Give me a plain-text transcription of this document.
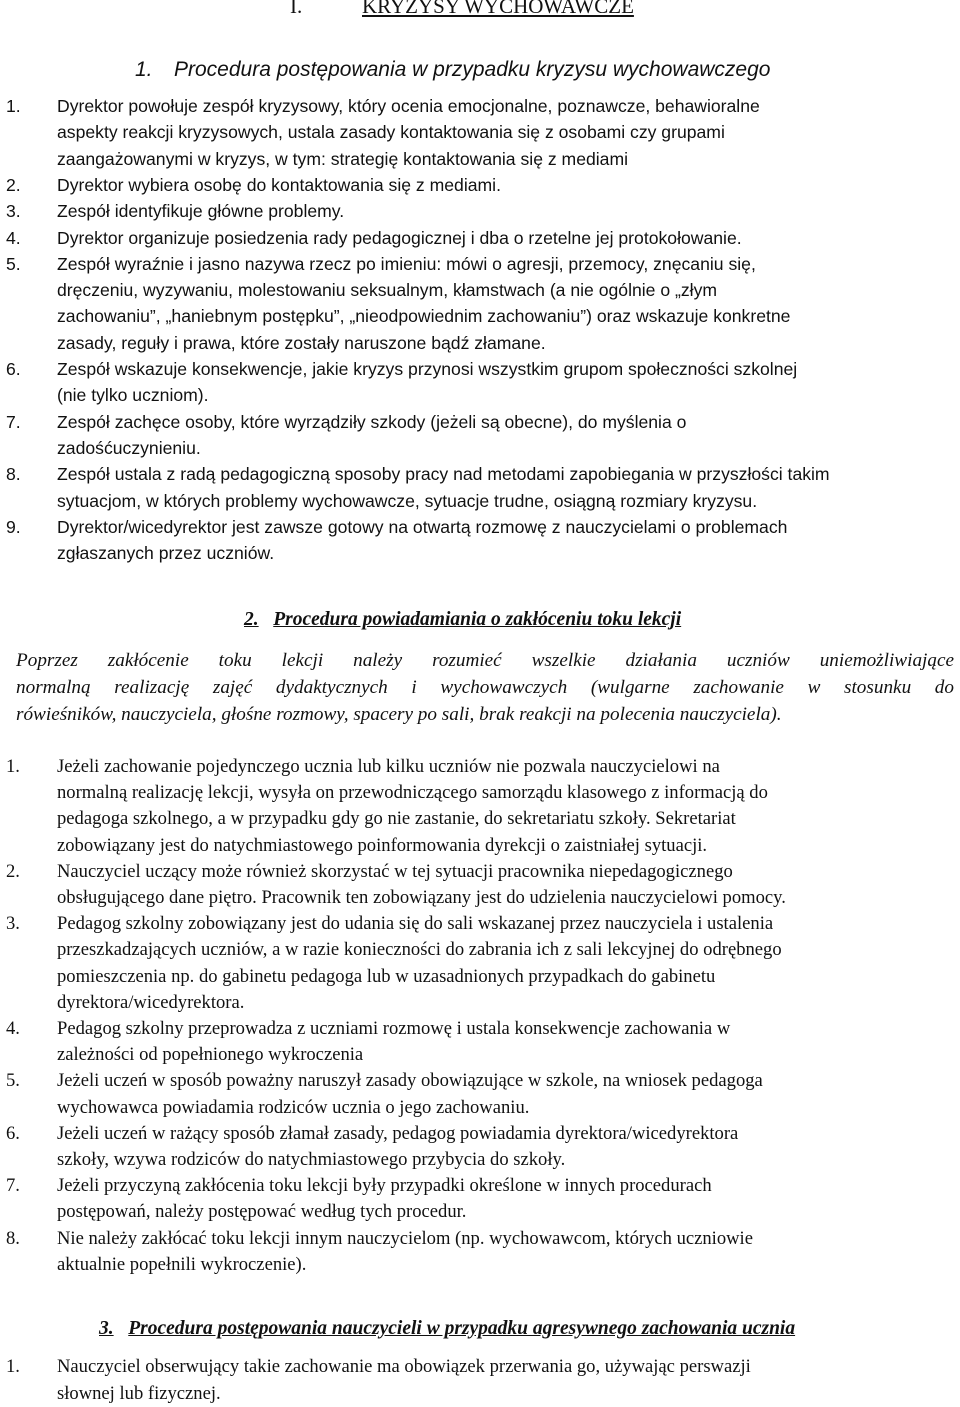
I.	KRYZYSY WYCHOWAWCZE
1. Procedura postępowania w przypadku kryzysu wychowawczego
1. Dyrektor powołuje zespół kryzysowy, który ocenia emocjonalne, poznawcze, behawioralne
aspekty reakcji kryzysowych, ustala zasady kontaktowania się z osobami czy grupami
zaangażowanymi w kryzys, w tym: strategię kontaktowania się z mediami
2. Dyrektor wybiera osobę do kontaktowania się z mediami.
3. Zespół identyfikuje główne problemy.
4. Dyrektor organizuje posiedzenia rady pedagogicznej i dba o rzetelne jej protokołowanie.
5. Zespół wyraźnie i jasno nazywa rzecz po imieniu: mówi o agresji, przemocy, znęcaniu się,
dręczeniu, wyzywaniu, molestowaniu seksualnym, kłamstwach (a nie ogólnie o „złym
zachowaniu”, „haniebnym postępku”, „nieodpowiednim zachowaniu”) oraz wskazuje konkretne
zasady, reguły i prawa, które zostały naruszone bądź złamane.
6. Zespół wskazuje konsekwencje, jakie kryzys przynosi wszystkim grupom społeczności szkolnej
(nie tylko uczniom).
7. Zespół zachęce osoby, które wyrządziły szkody (jeżeli są obecne), do myślenia o
zadośćuczynieniu.
8. Zespół ustala z radą pedagogiczną sposoby pracy nad metodami zapobiegania w przyszłości takim
sytuacjom, w których problemy wychowawcze, sytuacje trudne, osiągną rozmiary kryzysu.
9. Dyrektor/wicedyrektor jest zawsze gotowy na otwartą rozmowę z nauczycielami o problemach
zgłaszanych przez uczniów.
2. Procedura powiadamiania o zakłóceniu toku lekcji
Poprzez zakłócenie toku lekcji należy rozumieć wszelkie działania uczniów uniemożliwiające
normalną realizację zajęć dydaktycznych i wychowawczych (wulgarne zachowanie w stosunku do
rówieśników, nauczyciela, głośne rozmowy, spacery po sali, brak reakcji na polecenia nauczyciela).
1. Jeżeli zachowanie pojedynczego ucznia lub kilku uczniów nie pozwala nauczycielowi na
normalną realizację lekcji, wysyła on przewodniczącego samorządu klasowego z informacją do
pedagoga szkolnego, a w przypadku gdy go nie zastanie, do sekretariatu szkoły. Sekretariat
zobowiązany jest do natychmiastowego poinformowania dyrekcji o zaistniałej sytuacji.
2. Nauczyciel uczący może również skorzystać w tej sytuacji pracownika niepedagogicznego
obsługującego dane piętro. Pracownik ten zobowiązany jest do udzielenia nauczycielowi pomocy.
3. Pedagog szkolny zobowiązany jest do udania się do sali wskazanej przez nauczyciela i ustalenia
przeszkadzających uczniów, a w razie konieczności do zabrania ich z sali lekcyjnej do odrębnego
pomieszczenia np. do gabinetu pedagoga lub w uzasadnionych przypadkach do gabinetu
dyrektora/wicedyrektora.
4. Pedagog szkolny przeprowadza z uczniami rozmowę i ustala konsekwencje zachowania w
zależności od popełnionego wykroczenia
5. Jeżeli uczeń w sposób poważny naruszył zasady obowiązujące w szkole, na wniosek pedagoga
wychowawca powiadamia rodziców ucznia o jego zachowaniu.
6. Jeżeli uczeń w rażący sposób złamał zasady, pedagog powiadamia dyrektora/wicedyrektora
szkoły, wzywa rodziców do natychmiastowego przybycia do szkoły.
7. Jeżeli przyczyną zakłócenia toku lekcji były przypadki określone w innych procedurach
postępowań, należy postępować według tych procedur.
8. Nie należy zakłócać toku lekcji innym nauczycielom (np. wychowawcom, których uczniowie
aktualnie popełnili wykroczenie).
3. Procedura postępowania nauczycieli w przypadku agresywnego zachowania ucznia
1. Nauczyciel obserwujący takie zachowanie ma obowiązek przerwania go, używając perswazji
słownej lub fizycznej.
